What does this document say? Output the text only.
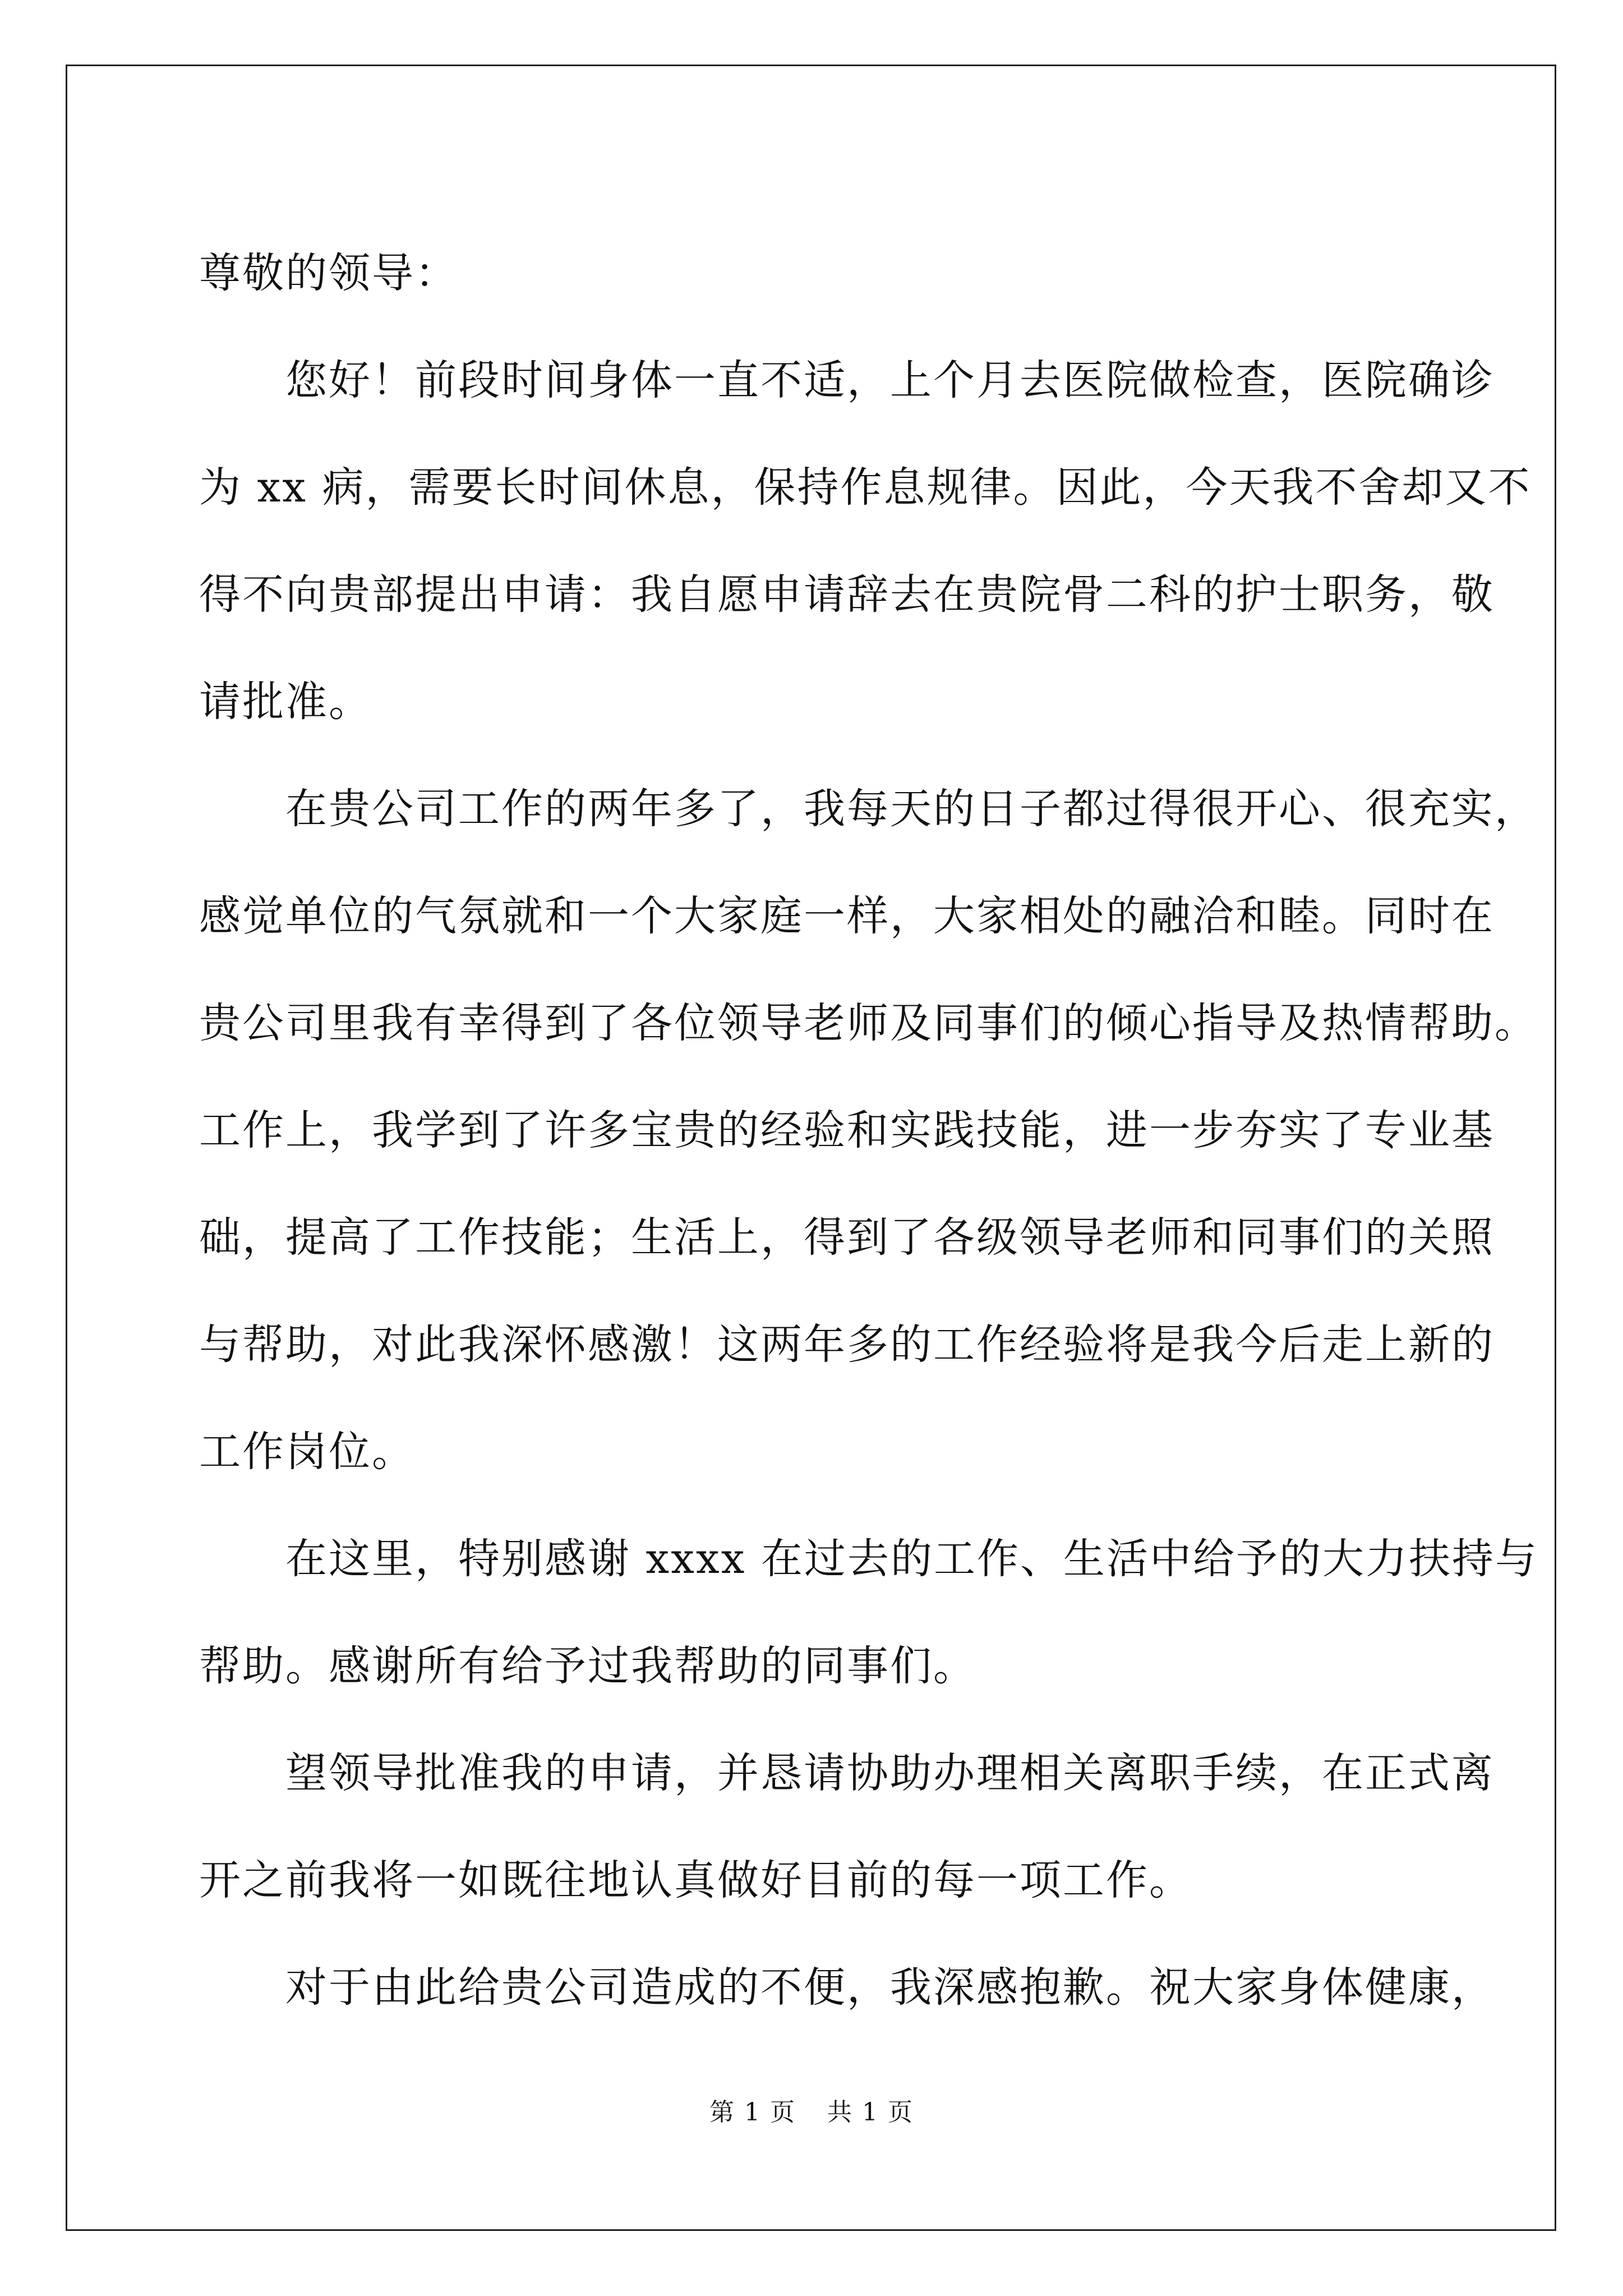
尊敬的领导：
　　您好！前段时间身体一直不适，上个月去医院做检查，医院确诊
为 xx 病，需要长时间休息，保持作息规律。因此，今天我不舍却又不
得不向贵部提出申请：我自愿申请辞去在贵院骨二科的护士职务，敬
请批准。
　　在贵公司工作的两年多了，我每天的日子都过得很开心、很充实，
感觉单位的气氛就和一个大家庭一样，大家相处的融洽和睦。同时在
贵公司里我有幸得到了各位领导老师及同事们的倾心指导及热情帮助。
工作上，我学到了许多宝贵的经验和实践技能，进一步夯实了专业基
础，提高了工作技能；生活上，得到了各级领导老师和同事们的关照
与帮助，对此我深怀感激！这两年多的工作经验将是我今后走上新的
工作岗位。
　　在这里，特别感谢 xxxx 在过去的工作、生活中给予的大力扶持与
帮助。感谢所有给予过我帮助的同事们。
　　望领导批准我的申请，并恳请协助办理相关离职手续，在正式离
开之前我将一如既往地认真做好目前的每一项工作。
　　对于由此给贵公司造成的不便，我深感抱歉。祝大家身体健康，
第 1 页 共 1 页
